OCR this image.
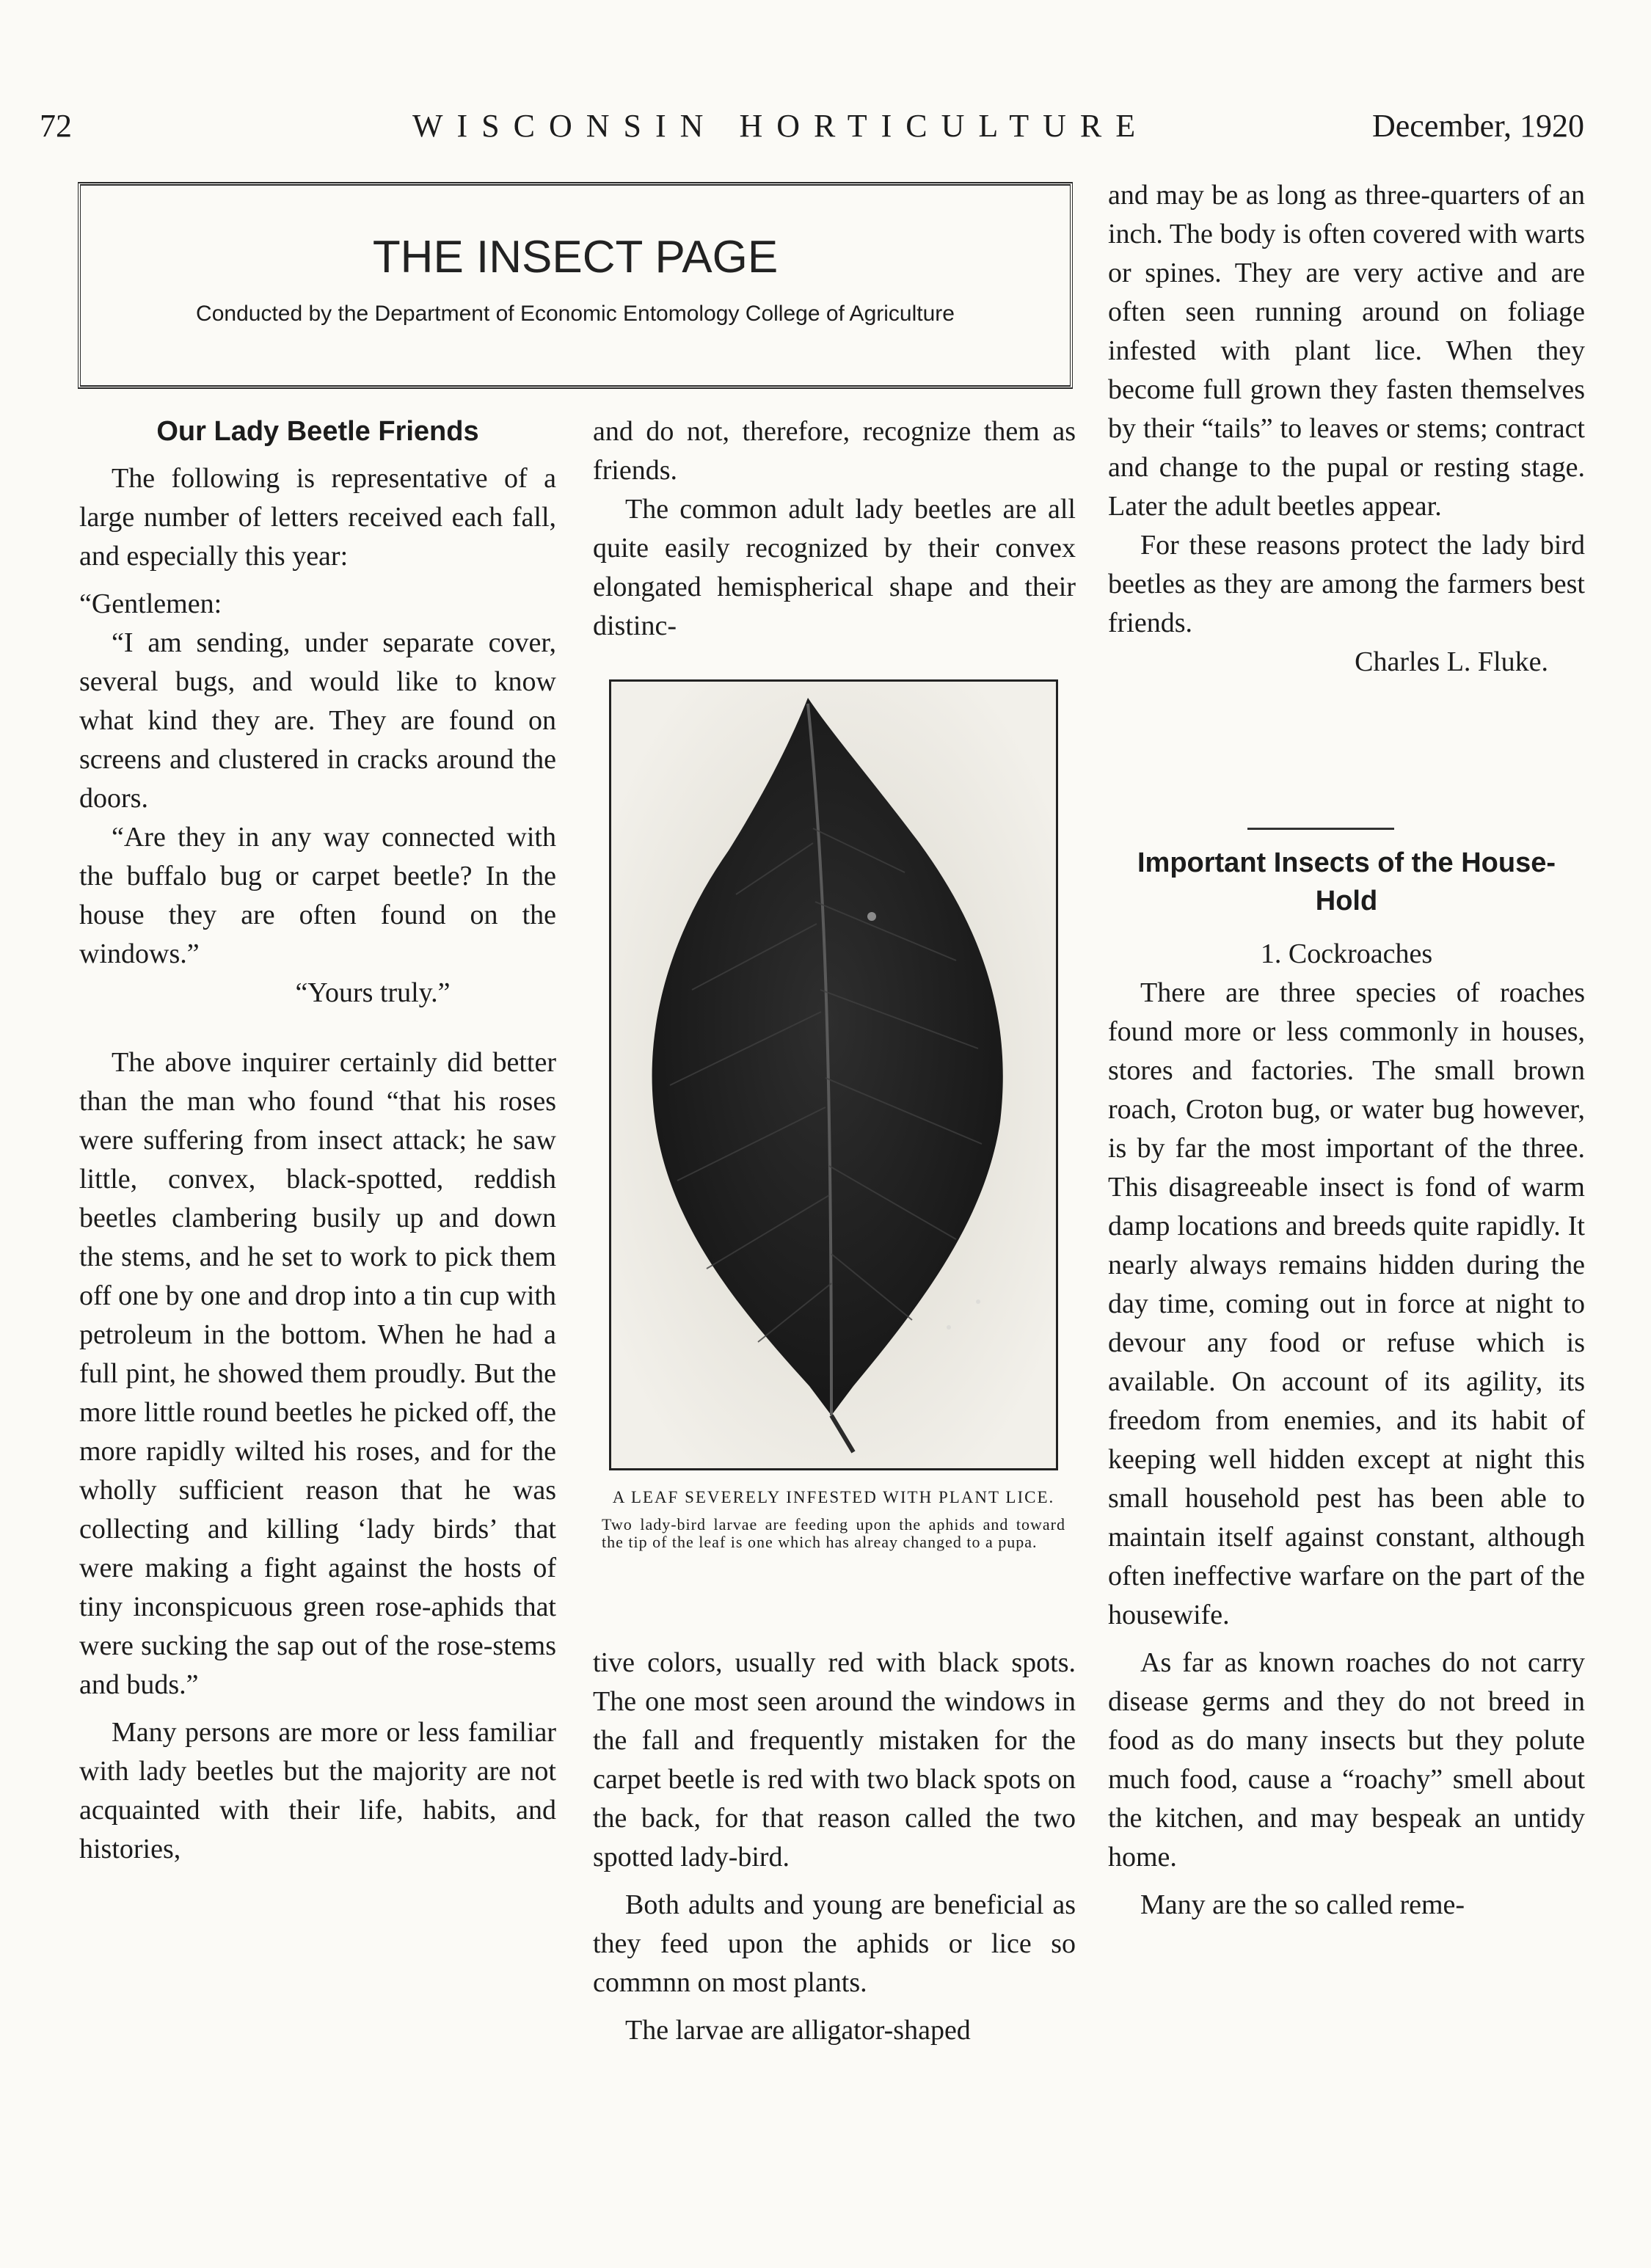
72	WISCONSIN HORTICULTURE	December, 1920
THE INSECT PAGE
Conducted by the Department of Economic Entomology College of Agriculture

Our Lady Beetle Friends

The following is representative of a large number of letters received each fall, and especially this year:

“Gentlemen:

“I am sending, under separate cover, several bugs, and would like to know what kind they are. They are found on screens and clustered in cracks around the doors.

“Are they in any way connected with the buffalo bug or carpet beetle? In the house they are often found on the windows.”

“Yours truly.”

The above inquirer certainly did better than the man who found “that his roses were suffering from insect attack; he saw little, convex, black-spotted, reddish beetles clambering busily up and down the stems, and he set to work to pick them off one by one and drop into a tin cup with petroleum in the bottom. When he had a full pint, he showed them proudly. But the more little round beetles he picked off, the more rapidly wilted his roses, and for the wholly sufficient reason that he was collecting and killing ‘lady birds’ that were making a fight against the hosts of tiny inconspicuous green rose-aphids that were sucking the sap out of the rose-stems and buds.”

Many persons are more or less familiar with lady beetles but the majority are not acquainted with their life, habits, and histories,

and do not, therefore, recognize them as friends.

The common adult lady beetles are all quite easily recognized by their convex elongated hemispherical shape and their distinc-

A LEAF SEVERELY INFESTED WITH PLANT LICE.
Two lady-bird larvae are feeding upon the aphids and toward the tip of the leaf is one which has alreay changed to a pupa.

tive colors, usually red with black spots. The one most seen around the windows in the fall and frequently mistaken for the carpet beetle is red with two black spots on the back, for that reason called the two spotted lady-bird.

Both adults and young are beneficial as they feed upon the aphids or lice so commnn on most plants.

The larvae are alligator-shaped

and may be as long as three-quarters of an inch. The body is often covered with warts or spines. They are very active and are often seen running around on foliage infested with plant lice. When they become full grown they fasten themselves by their “tails” to leaves or stems; contract and change to the pupal or resting stage. Later the adult beetles appear.

For these reasons protect the lady bird beetles as they are among the farmers best friends.

Charles L. Fluke.

Important Insects of the House-Hold

1. Cockroaches

There are three species of roaches found more or less commonly in houses, stores and factories. The small brown roach, Croton bug, or water bug however, is by far the most important of the three. This disagreeable insect is fond of warm damp locations and breeds quite rapidly. It nearly always remains hidden during the day time, coming out in force at night to devour any food or refuse which is available. On account of its agility, its freedom from enemies, and its habit of keeping well hidden except at night this small household pest has been able to maintain itself against constant, although often ineffective warfare on the part of the housewife.

As far as known roaches do not carry disease germs and they do not breed in food as do many insects but they polute much food, cause a “roachy” smell about the kitchen, and may bespeak an untidy home.

Many are the so called reme-
